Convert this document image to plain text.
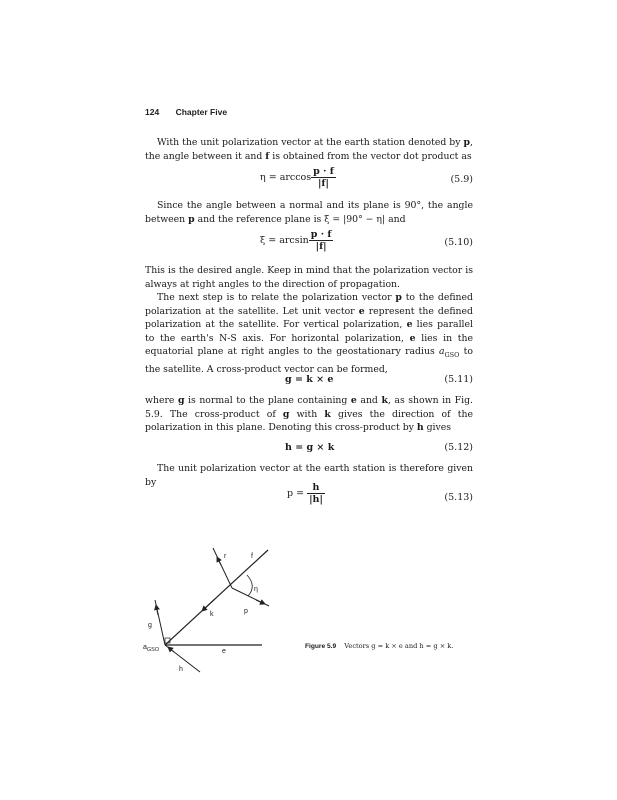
124 Chapter Five
With the unit polarization vector at the earth station denoted by p, the angle between it and f is obtained from the vector dot product as
$\eta = \arccos \frac{p \cdot f}{|f|}$	(5.9)
Since the angle between a normal and its plane is 90°, the angle between p and the reference plane is ξ = |90° − η| and
$\xi = \arcsin \frac{p \cdot f}{|f|}$	(5.10)
This is the desired angle. Keep in mind that the polarization vector is always at right angles to the direction of propagation.
The next step is to relate the polarization vector p to the defined polarization at the satellite. Let unit vector e represent the defined polarization at the satellite. For vertical polarization, e lies parallel to the earth's N-S axis. For horizontal polarization, e lies in the equatorial plane at right angles to the geostationary radius $a_{GSO}$ to the satellite. A cross-product vector can be formed,
g = k × e	(5.11)
where g is normal to the plane containing e and k, as shown in Fig. 5.9. The cross-product of g with k gives the direction of the polarization in this plane. Denoting this cross-product by h gives
h = g × k	(5.12)
The unit polarization vector at the earth station is therefore given by
$p = \frac{h}{|h|}$	(5.13)
r	f
η
k	p
g
$a_{GSO}$	e
h
Figure 5.9 Vectors g = k × e and h = g × k.
